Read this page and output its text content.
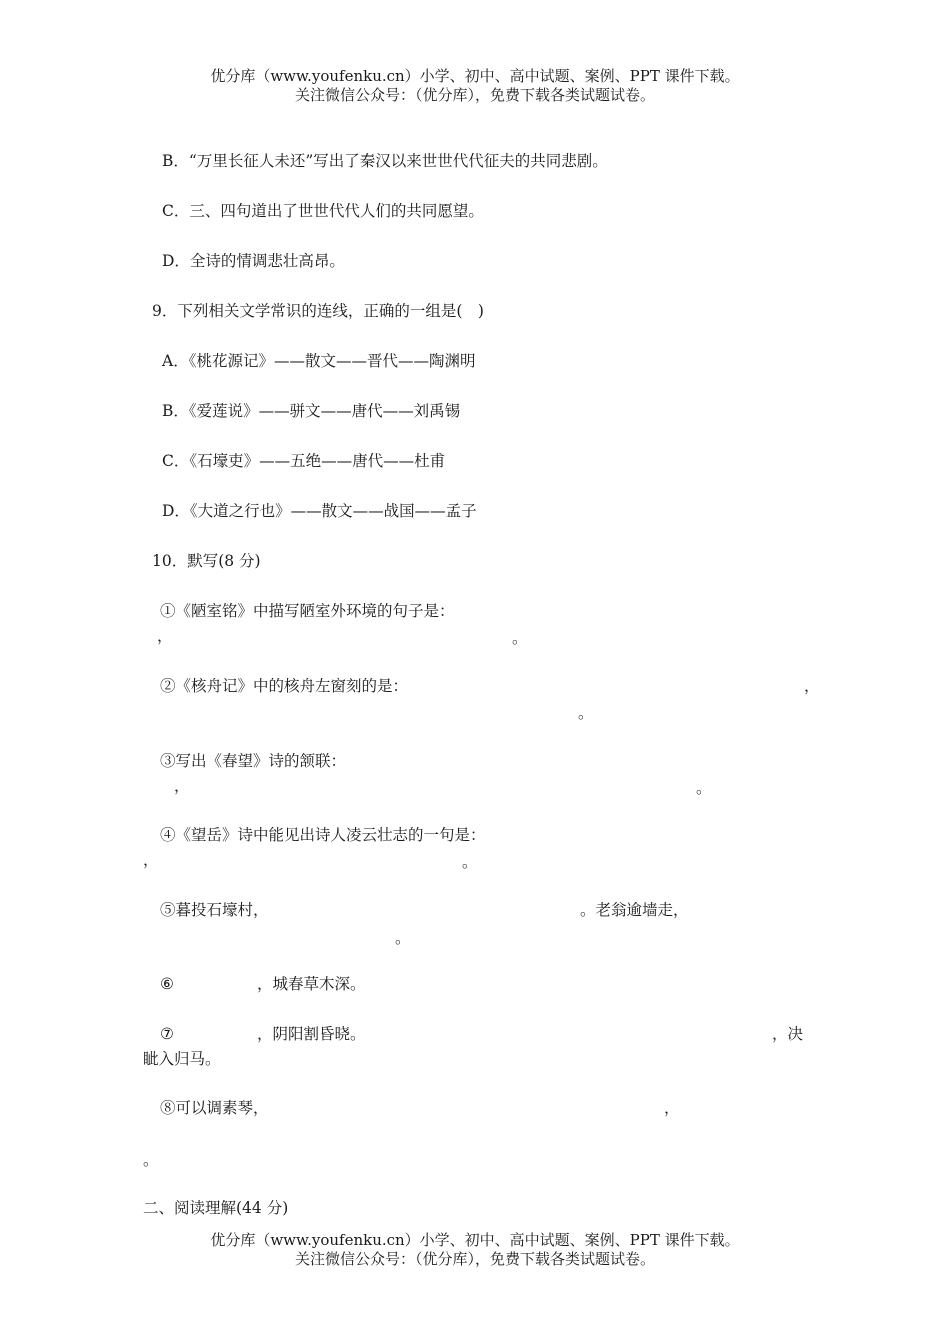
优分库（www.youfenku.cn）小学、初中、高中试题、案例、PPT 课件下载。
关注微信公众号：（优分库），免费下载各类试题试卷。
B．“万里长征人未还”写出了秦汉以来世世代代征夫的共同悲剧。
C．三、四句道出了世世代代人们的共同愿望。
D．全诗的情调悲壮高昂。
9．下列相关文学常识的连线，正确的一组是(　)
A．《桃花源记》——散文——晋代——陶渊明
B．《爱莲说》——骈文——唐代——刘禹锡
C．《石壕吏》——五绝——唐代——杜甫
D．《大道之行也》——散文——战国——孟子
10．默写(8 分)
①《陋室铭》中描写陋室外环境的句子是：
，	。
②《核舟记》中的核舟左窗刻的是：	，
。
③写出《春望》诗的颔联：
，	。
④《望岳》诗中能见出诗人凌云壮志的一句是：
，	。
⑤暮投石壕村，	。老翁逾墙走，
。
⑥	，城春草木深。
⑦	，阴阳割昏晓。	，决
眦入归马。
⑧可以调素琴，	，
。
二、阅读理解(44 分)
优分库（www.youfenku.cn）小学、初中、高中试题、案例、PPT 课件下载。
关注微信公众号：（优分库），免费下载各类试题试卷。
